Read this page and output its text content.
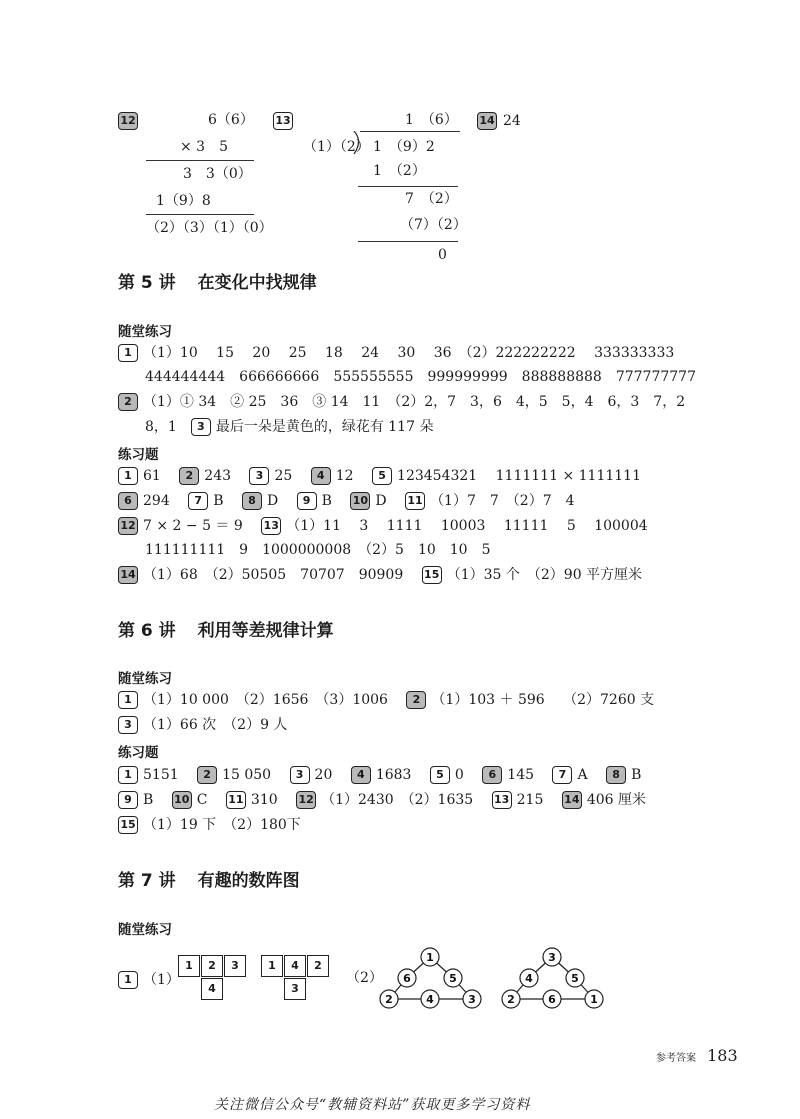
12	6（6）
× 3　5
3　3（0）
1（9）8
（2）（3）（1）（0）
13	1　（6）
（1）（2） 1　（9）2
1　（2）
7　（2）
（7）（2）
0
14 24
第 5 讲 在变化中找规律
随堂练习
1 （1）10　 15　 20　 25　 18　 24　 30　 36　（2）222222222　 333333333
444444444　666666666　555555555　999999999　888888888　777777777
2 （1）① 34　② 25　36　③ 14　11　（2）2，7　3，6　4，5　5，4　6，3　7，2
8，1 3 最后一朵是黄色的，绿花有 117 朵
练习题
1 61 2 243 3 25 4 12 5 123454321　 1111111 × 1111111
6 294 7 B 8 D 9 B 10 D 11 （1）7　7　（2）7　4
12 7 × 2 − 5 ＝ 9 13 （1）11　 3　 1111　 10003　 11111　 5　 100004
111111111　9　1000000008　（2）5　10　10　5
14 （1）68　（2）50505　70707　90909 15 （1）35 个　（2）90 平方厘米
第 6 讲 利用等差规律计算
随堂练习
1 （1）10 000　（2）1656　（3）1006 2 （1）103 ＋ 596　 （2）7260 支
3 （1）66 次　（2）9 人
练习题
1 5151 2 15 050 3 20 4 1683 5 0 6 145 7 A 8 B
9 B 10 C 11 310 12 （1）2430　（2）1635 13 215 14 406 厘米
15 （1）19 下　（2）180下
第 7 讲 有趣的数阵图
随堂练习
1 （1）
1	2	3
4
1	4	2
3
（2）
1
6	5
2	4	3
3
4	5
2	6	1
参考答案 183
关注微信公众号“教辅资料站”获取更多学习资料
